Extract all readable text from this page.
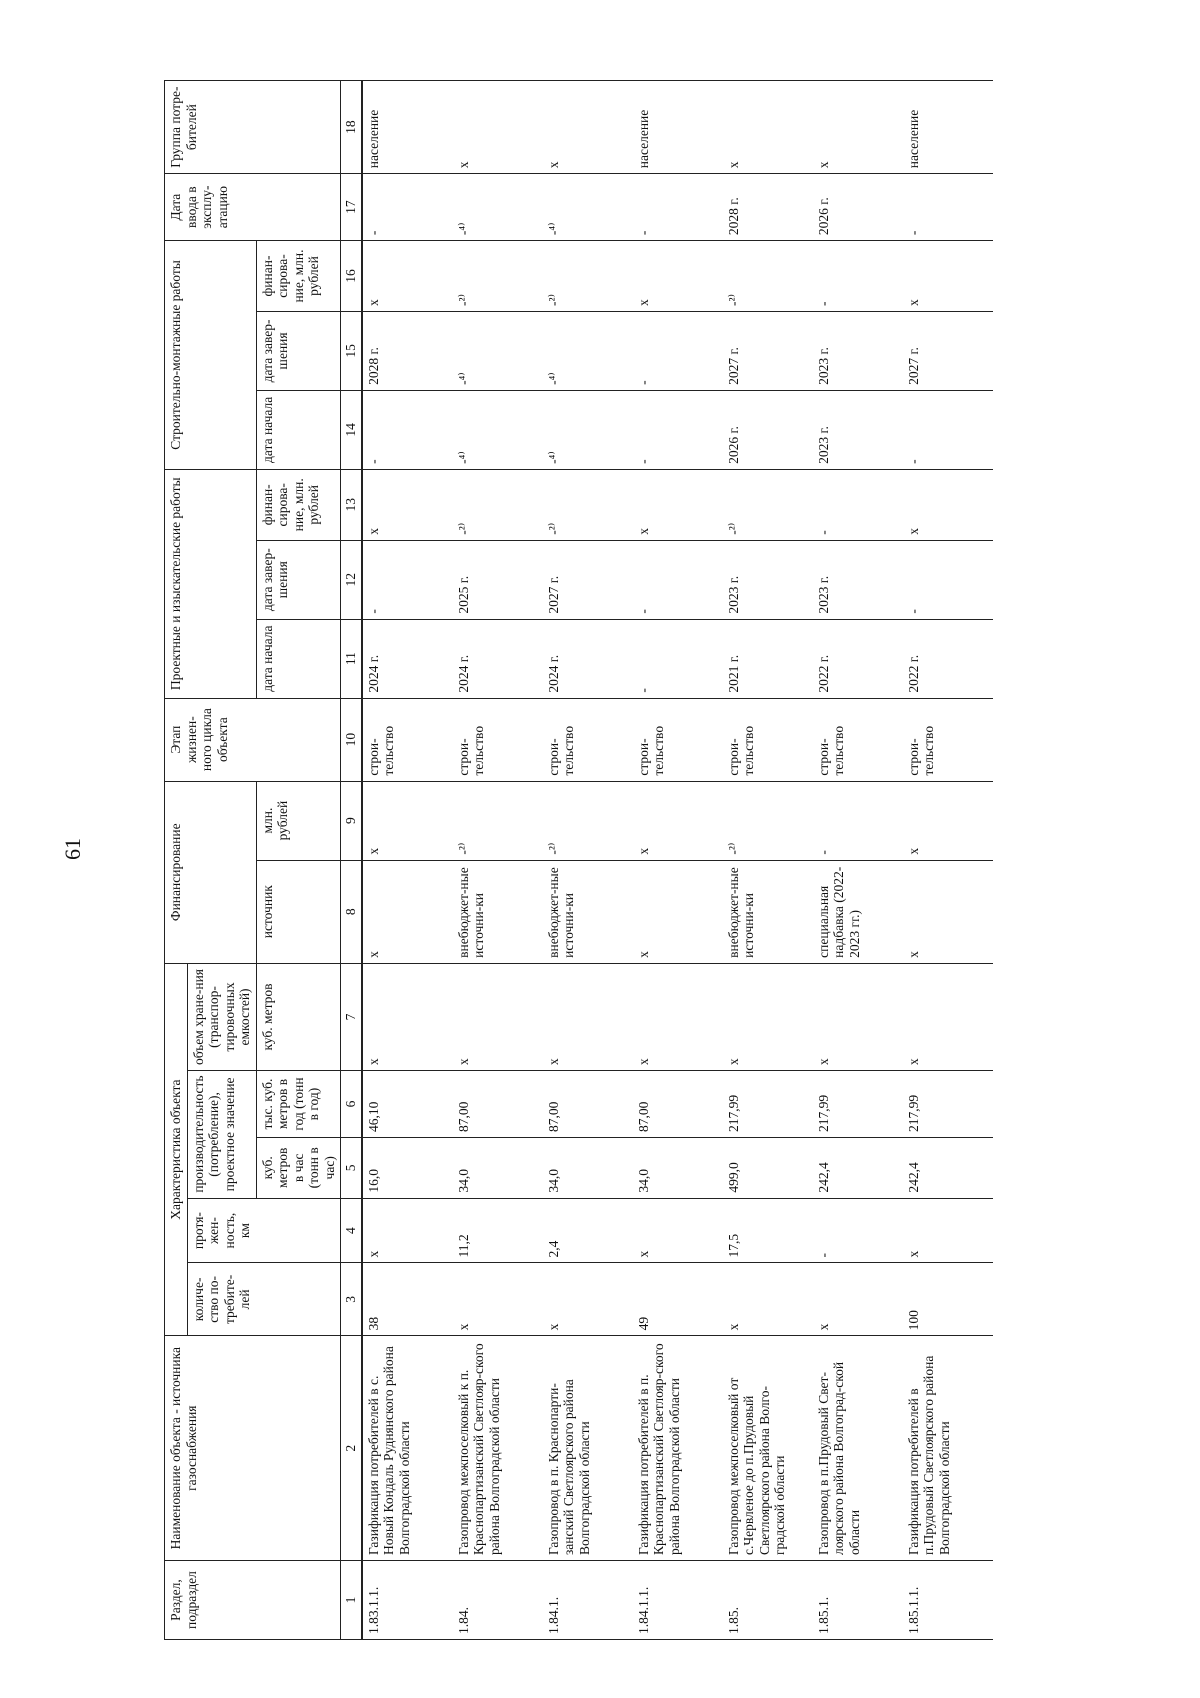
61
Раздел, подраздел	Наименование объекта - источника газоснабжения	Характеристика объекта					Финансирование		Этап жизнен-ного цикла объекта	Проектные и изыскательские работы			Строительно-монтажные работы			Дата ввода в эксплу-атацию	Группа потре-бителей
		количе-ство по-требите-лей	протя-жен-ность, км	производительность (потребление), проектное значение		объем хране-ния (транспор-тировочных емкостей)											
				куб. метров в час (тонн в час)	тыс. куб. метров в год (тонн в год)	куб. метров	источник	млн. рублей		дата начала	дата завер-шения	финан-сирова-ние, млн. рублей	дата начала	дата завер-шения	финан-сирова-ние, млн. рублей		
1	2	3	4	5	6	7	8	9	10	11	12	13	14	15	16	17	18
1.83.1.1.	Газификация потребителей в с. Новый Кондаль Руднянского района Волгоградской области	38	х	16,0	46,10	х	х	х	строи-тельство	2024 г.	-	х	-	2028 г.	х	-	население
1.84.	Газопровод межпоселковый к п. Краснопартизанский Светлояр-ского района Волгоградской области	х	11,2	34,0	87,00	х	внебюджет-ные источни-ки	-²⁾	строи-тельство	2024 г.	2025 г.	-²⁾	-⁴⁾	-⁴⁾	-²⁾	-⁴⁾	х
1.84.1.	Газопровод в п. Краснопарти-занский Светлоярского района Волгоградской области	х	2,4	34,0	87,00	х	внебюджет-ные источни-ки	-²⁾	строи-тельство	2024 г.	2027 г.	-²⁾	-⁴⁾	-⁴⁾	-²⁾	-⁴⁾	х
1.84.1.1.	Газификация потребителей в п. Краснопартизанский Светлояр-ского района Волгоградской области	49	х	34,0	87,00	х	х	х	строи-тельство	-	-	х	-	-	х	-	население
1.85.	Газопровод межпоселковый от с.Червленое до п.Прудовый Светлоярского района Волго-градской области	х	17,5	499,0	217,99	х	внебюджет-ные источни-ки	-²⁾	строи-тельство	2021 г.	2023 г.	-²⁾	2026 г.	2027 г.	-²⁾	2028 г.	х
1.85.1.	Газопровод в п.Прудовый Свет-лоярского района Волгоград-ской области	х	-	242,4	217,99	х	специальная надбавка (2022-2023 гг.)	-	строи-тельство	2022 г.	2023 г.	-	2023 г.	2023 г.	-	2026 г.	х
1.85.1.1.	Газификация потребителей в п.Прудовый Светлоярского района Волгоградской области	100	х	242,4	217,99	х	х	х	строи-тельство	2022 г.	-	х	-	2027 г.	х	-	население
